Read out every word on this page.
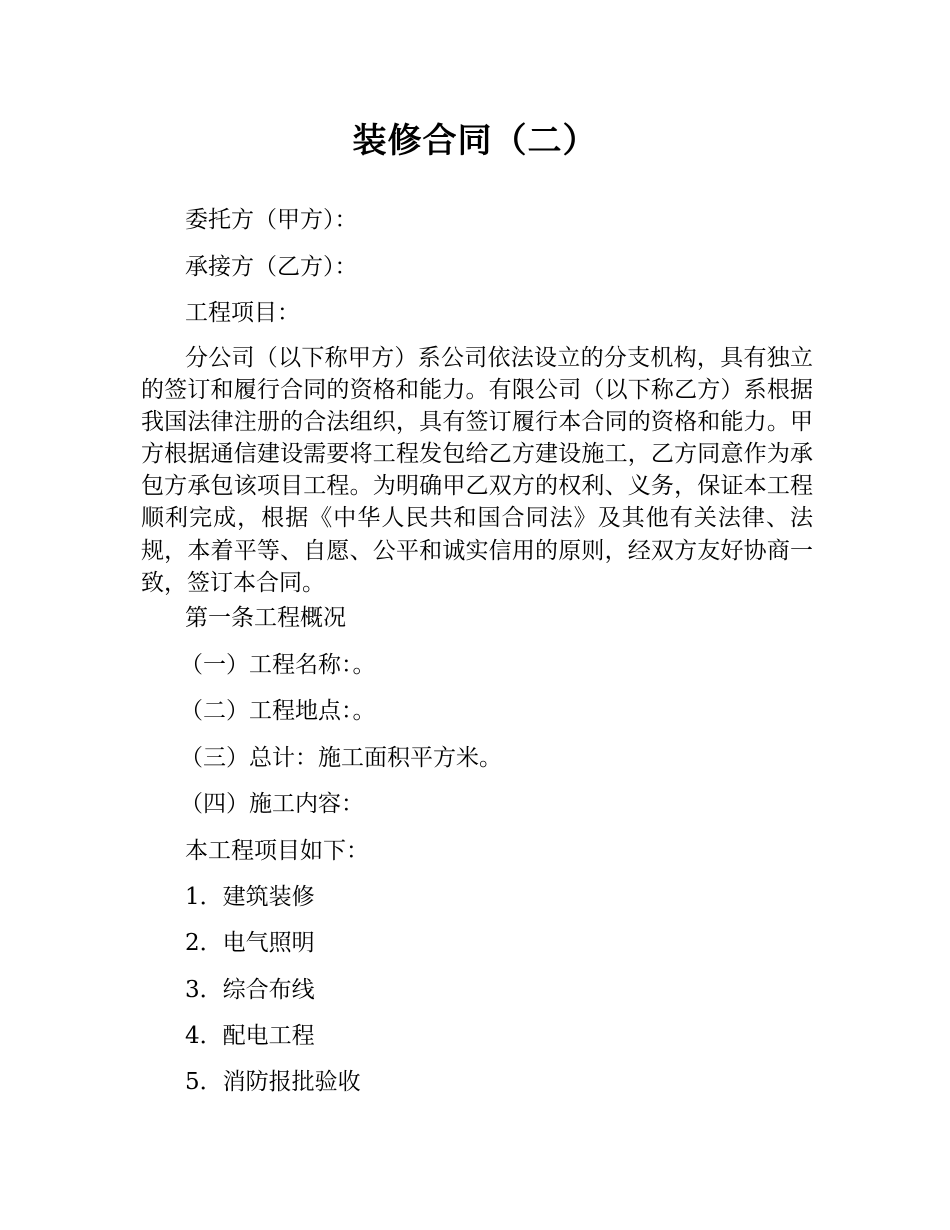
装修合同（二）
委托方（甲方）：
承接方（乙方）：
工程项目：

分公司（以下称甲方）系公司依法设立的分支机构，具有独立的签订和履行合同的资格和能力。有限公司（以下称乙方）系根据我国法律注册的合法组织，具有签订履行本合同的资格和能力。甲方根据通信建设需要将工程发包给乙方建设施工，乙方同意作为承包方承包该项目工程。为明确甲乙双方的权利、义务，保证本工程顺利完成，根据《中华人民共和国合同法》及其他有关法律、法规，本着平等、自愿、公平和诚实信用的原则，经双方友好协商一致，签订本合同。

第一条工程概况
（一）工程名称：。
（二）工程地点：。
（三）总计：施工面积平方米。
（四）施工内容：
本工程项目如下：
1．建筑装修
2．电气照明
3．综合布线
4．配电工程
5．消防报批验收
